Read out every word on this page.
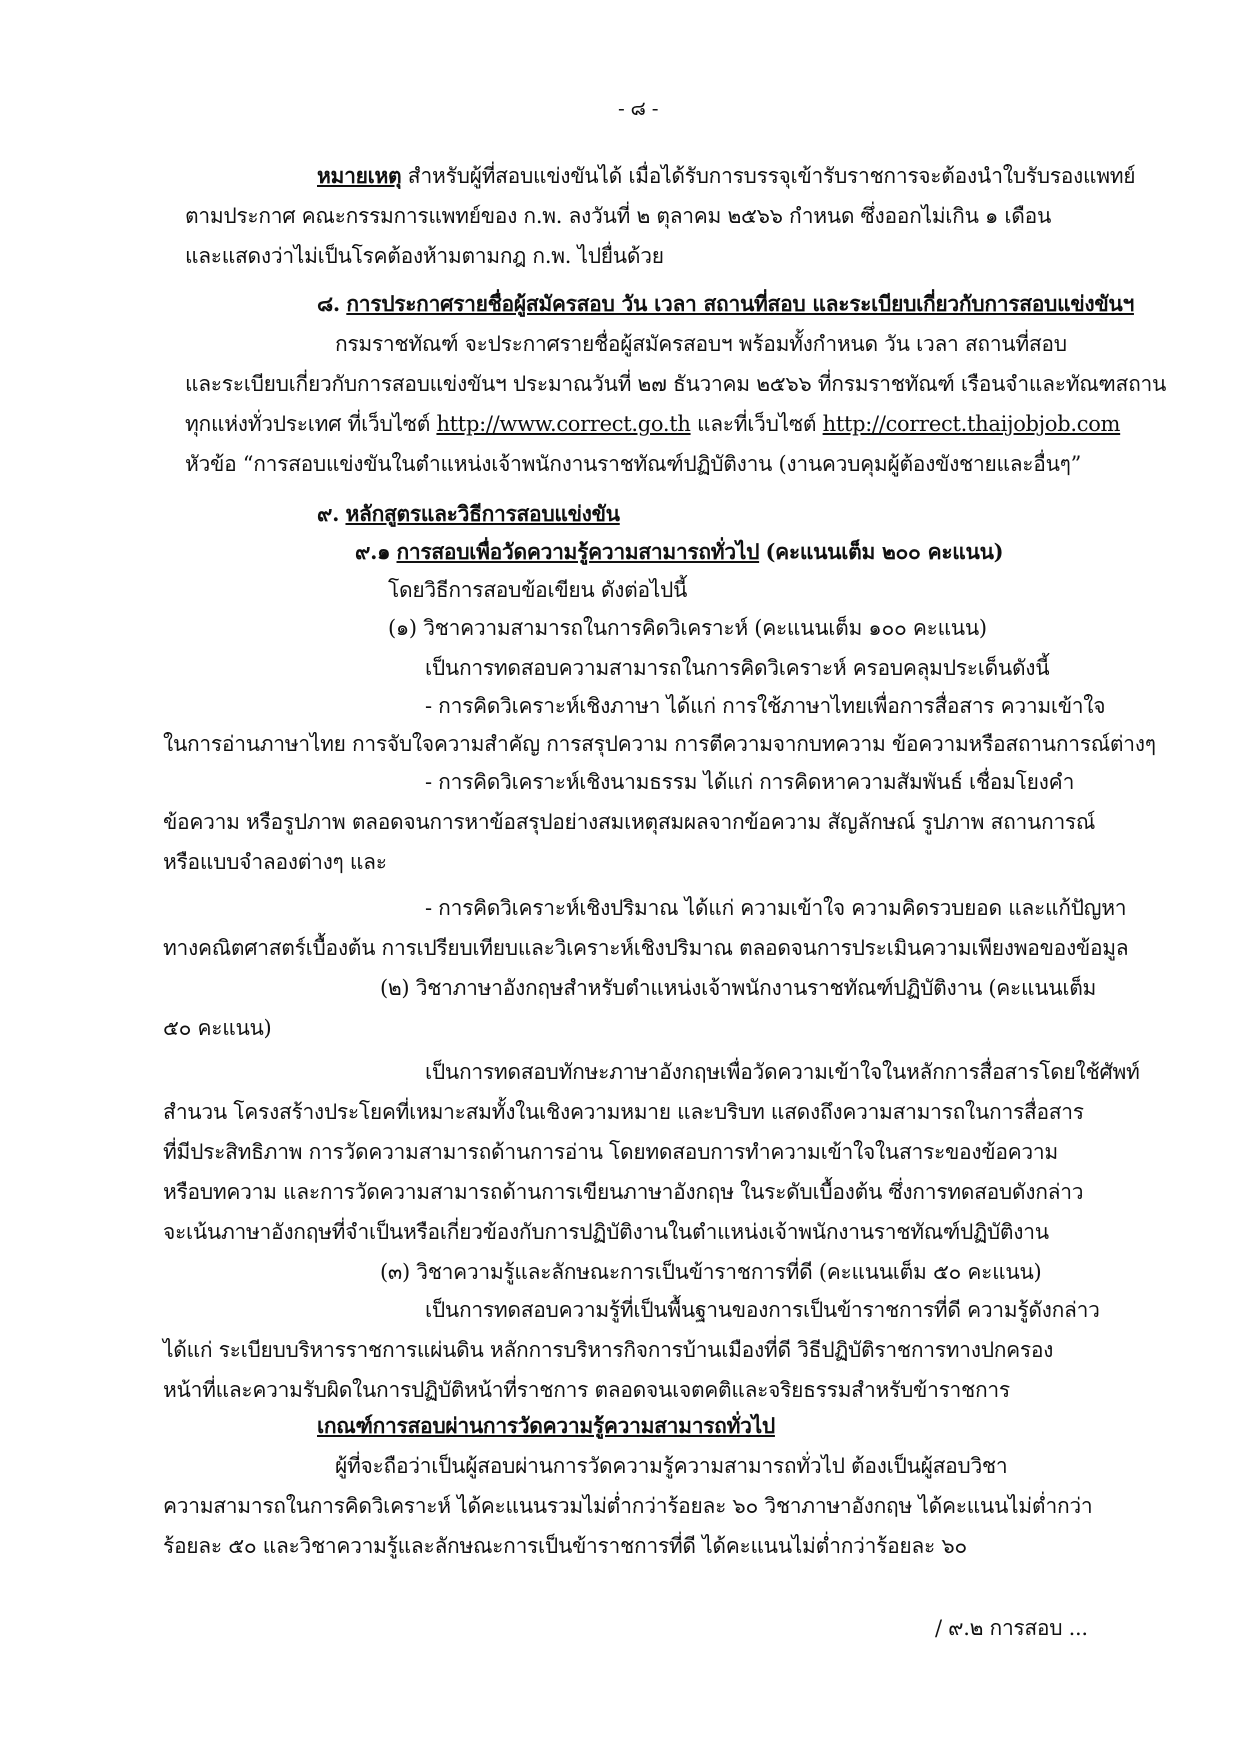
- ๘ -
หมายเหตุ สำหรับผู้ที่สอบแข่งขันได้ เมื่อได้รับการบรรจุเข้ารับราชการจะต้องนำใบรับรองแพทย์
ตามประกาศ คณะกรรมการแพทย์ของ ก.พ. ลงวันที่ ๒ ตุลาคม ๒๕๖๖ กำหนด ซึ่งออกไม่เกิน ๑ เดือน
และแสดงว่าไม่เป็นโรคต้องห้ามตามกฎ ก.พ. ไปยื่นด้วย
๘. การประกาศรายชื่อผู้สมัครสอบ วัน เวลา สถานที่สอบ และระเบียบเกี่ยวกับการสอบแข่งขันฯ
กรมราชทัณฑ์ จะประกาศรายชื่อผู้สมัครสอบฯ พร้อมทั้งกำหนด วัน เวลา สถานที่สอบ
และระเบียบเกี่ยวกับการสอบแข่งขันฯ ประมาณวันที่ ๒๗ ธันวาคม ๒๕๖๖ ที่กรมราชทัณฑ์ เรือนจำและทัณฑสถาน
ทุกแห่งทั่วประเทศ ที่เว็บไซต์ http://www.correct.go.th และที่เว็บไซต์ http://correct.thaijobjob.com
หัวข้อ “การสอบแข่งขันในตำแหน่งเจ้าพนักงานราชทัณฑ์ปฏิบัติงาน (งานควบคุมผู้ต้องขังชายและอื่นๆ”
๙. หลักสูตรและวิธีการสอบแข่งขัน
๙.๑ การสอบเพื่อวัดความรู้ความสามารถทั่วไป (คะแนนเต็ม ๒๐๐ คะแนน)
โดยวิธีการสอบข้อเขียน ดังต่อไปนี้
(๑) วิชาความสามารถในการคิดวิเคราะห์ (คะแนนเต็ม ๑๐๐ คะแนน)
เป็นการทดสอบความสามารถในการคิดวิเคราะห์ ครอบคลุมประเด็นดังนี้
- การคิดวิเคราะห์เชิงภาษา ได้แก่ การใช้ภาษาไทยเพื่อการสื่อสาร ความเข้าใจ
ในการอ่านภาษาไทย การจับใจความสำคัญ การสรุปความ การตีความจากบทความ ข้อความหรือสถานการณ์ต่างๆ
- การคิดวิเคราะห์เชิงนามธรรม ได้แก่ การคิดหาความสัมพันธ์ เชื่อมโยงคำ
ข้อความ หรือรูปภาพ ตลอดจนการหาข้อสรุปอย่างสมเหตุสมผลจากข้อความ สัญลักษณ์ รูปภาพ สถานการณ์
หรือแบบจำลองต่างๆ และ
- การคิดวิเคราะห์เชิงปริมาณ ได้แก่ ความเข้าใจ ความคิดรวบยอด และแก้ปัญหา
ทางคณิตศาสตร์เบื้องต้น การเปรียบเทียบและวิเคราะห์เชิงปริมาณ ตลอดจนการประเมินความเพียงพอของข้อมูล
(๒) วิชาภาษาอังกฤษสำหรับตำแหน่งเจ้าพนักงานราชทัณฑ์ปฏิบัติงาน (คะแนนเต็ม
๕๐ คะแนน)
เป็นการทดสอบทักษะภาษาอังกฤษเพื่อวัดความเข้าใจในหลักการสื่อสารโดยใช้ศัพท์
สำนวน โครงสร้างประโยคที่เหมาะสมทั้งในเชิงความหมาย และบริบท แสดงถึงความสามารถในการสื่อสาร
ที่มีประสิทธิภาพ การวัดความสามารถด้านการอ่าน โดยทดสอบการทำความเข้าใจในสาระของข้อความ
หรือบทความ และการวัดความสามารถด้านการเขียนภาษาอังกฤษ ในระดับเบื้องต้น ซึ่งการทดสอบดังกล่าว
จะเน้นภาษาอังกฤษที่จำเป็นหรือเกี่ยวข้องกับการปฏิบัติงานในตำแหน่งเจ้าพนักงานราชทัณฑ์ปฏิบัติงาน
(๓) วิชาความรู้และลักษณะการเป็นข้าราชการที่ดี (คะแนนเต็ม ๕๐ คะแนน)
เป็นการทดสอบความรู้ที่เป็นพื้นฐานของการเป็นข้าราชการที่ดี ความรู้ดังกล่าว
ได้แก่ ระเบียบบริหารราชการแผ่นดิน หลักการบริหารกิจการบ้านเมืองที่ดี วิธีปฏิบัติราชการทางปกครอง
หน้าที่และความรับผิดในการปฏิบัติหน้าที่ราชการ ตลอดจนเจตคติและจริยธรรมสำหรับข้าราชการ
เกณฑ์การสอบผ่านการวัดความรู้ความสามารถทั่วไป
ผู้ที่จะถือว่าเป็นผู้สอบผ่านการวัดความรู้ความสามารถทั่วไป ต้องเป็นผู้สอบวิชา
ความสามารถในการคิดวิเคราะห์ ได้คะแนนรวมไม่ต่ำกว่าร้อยละ ๖๐ วิชาภาษาอังกฤษ ได้คะแนนไม่ต่ำกว่า
ร้อยละ ๕๐ และวิชาความรู้และลักษณะการเป็นข้าราชการที่ดี ได้คะแนนไม่ต่ำกว่าร้อยละ ๖๐
/ ๙.๒ การสอบ ...
